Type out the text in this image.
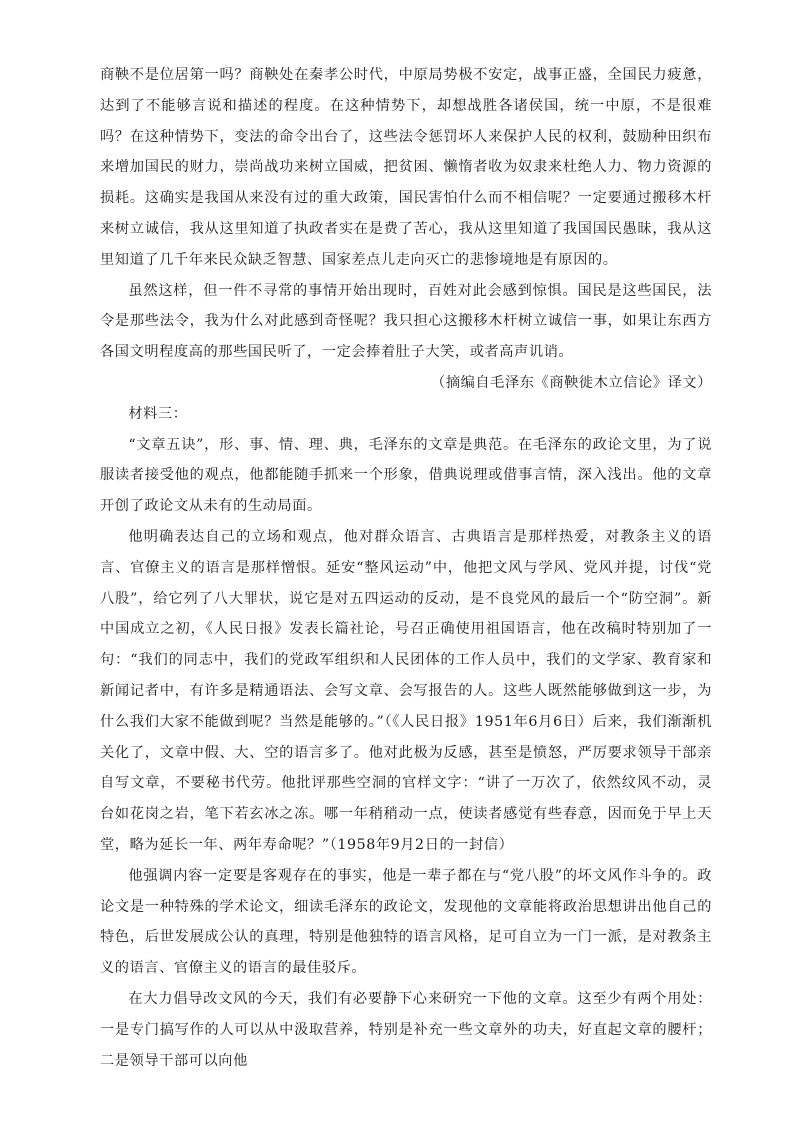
商鞅不是位居第一吗？商鞅处在秦孝公时代，中原局势极不安定，战事正盛，全国民力疲惫，达到了不能够言说和描述的程度。在这种情势下，却想战胜各诸侯国，统一中原，不是很难吗？在这种情势下，变法的命令出台了，这些法令惩罚坏人来保护人民的权利，鼓励种田织布来增加国民的财力，崇尚战功来树立国威，把贫困、懒惰者收为奴隶来杜绝人力、物力资源的损耗。这确实是我国从来没有过的重大政策，国民害怕什么而不相信呢？一定要通过搬移木杆来树立诚信，我从这里知道了执政者实在是费了苦心，我从这里知道了我国国民愚昧，我从这里知道了几千年来民众缺乏智慧、国家差点儿走向灭亡的悲惨境地是有原因的。

虽然这样，但一件不寻常的事情开始出现时，百姓对此会感到惊惧。国民是这些国民，法令是那些法令，我为什么对此感到奇怪呢？我只担心这搬移木杆树立诚信一事，如果让东西方各国文明程度高的那些国民听了，一定会捧着肚子大笑，或者高声讥诮。

（摘编自毛泽东《商鞅徙木立信论》译文）

材料三：

“文章五诀”，形、事、情、理、典，毛泽东的文章是典范。在毛泽东的政论文里，为了说服读者接受他的观点，他都能随手抓来一个形象，借典说理或借事言情，深入浅出。他的文章开创了政论文从未有的生动局面。

他明确表达自己的立场和观点，他对群众语言、古典语言是那样热爱，对教条主义的语言、官僚主义的语言是那样憎恨。延安“整风运动”中，他把文风与学风、党风并提，讨伐“党八股”，给它列了八大罪状，说它是对五四运动的反动，是不良党风的最后一个“防空洞”。新中国成立之初，《人民日报》发表长篇社论，号召正确使用祖国语言，他在改稿时特别加了一句：“我们的同志中，我们的党政军组织和人民团体的工作人员中，我们的文学家、教育家和新闻记者中，有许多是精通语法、会写文章、会写报告的人。这些人既然能够做到这一步，为什么我们大家不能做到呢？当然是能够的。”（《人民日报》1951年6月6日）后来，我们渐渐机关化了，文章中假、大、空的语言多了。他对此极为反感，甚至是愤怒，严厉要求领导干部亲自写文章，不要秘书代劳。他批评那些空洞的官样文字：“讲了一万次了，依然纹风不动，灵台如花岗之岩，笔下若玄冰之冻。哪一年稍稍动一点，使读者感觉有些春意，因而免于早上天堂，略为延长一年、两年寿命呢？”（1958年9月2日的一封信）

他强调内容一定要是客观存在的事实，他是一辈子都在与“党八股”的坏文风作斗争的。政论文是一种特殊的学术论文，细读毛泽东的政论文，发现他的文章能将政治思想讲出他自己的特色，后世发展成公认的真理，特别是他独特的语言风格，足可自立为一门一派，是对教条主义的语言、官僚主义的语言的最佳驳斥。

在大力倡导改文风的今天，我们有必要静下心来研究一下他的文章。这至少有两个用处：一是专门搞写作的人可以从中汲取营养，特别是补充一些文章外的功夫，好直起文章的腰杆；二是领导干部可以向他
